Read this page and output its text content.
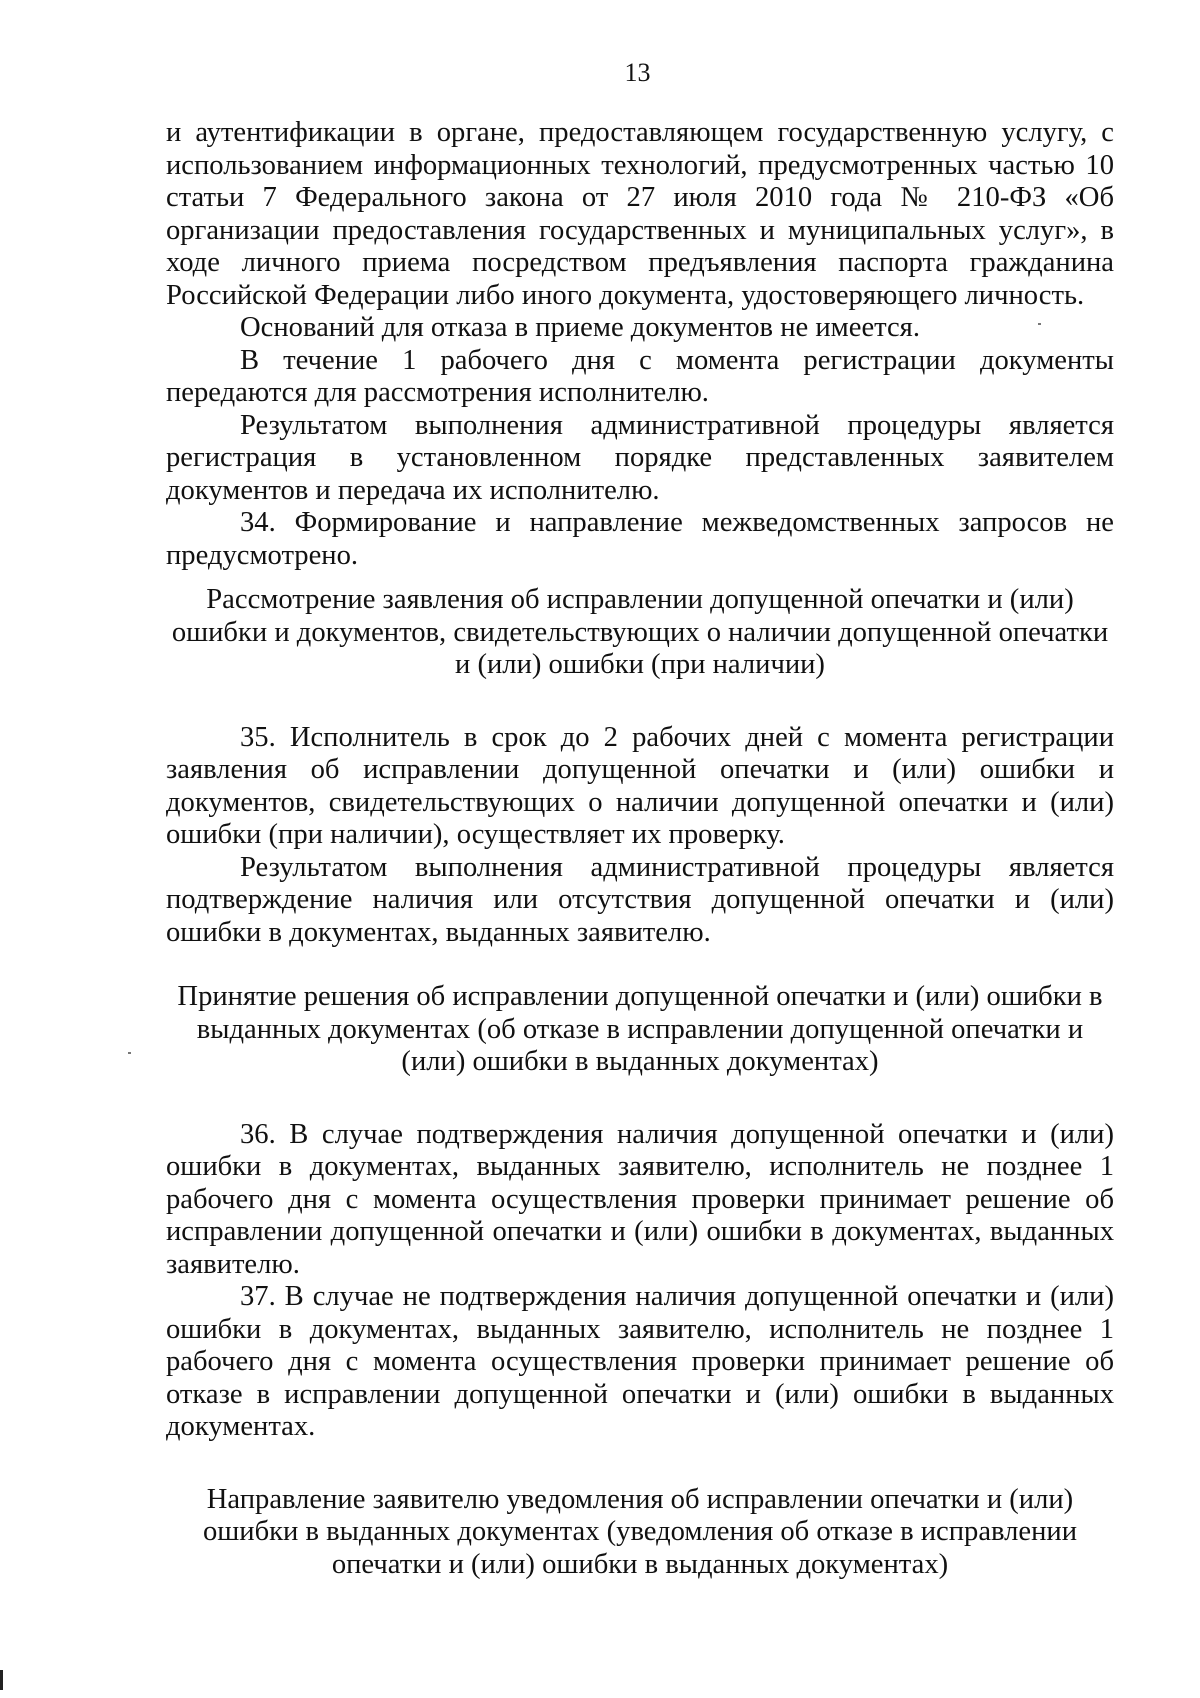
13

и аутентификации в органе, предоставляющем государственную услугу, с использованием информационных технологий, предусмотренных частью 10 статьи 7 Федерального закона от 27 июля 2010 года № 210-ФЗ «Об организации предоставления государственных и муниципальных услуг», в ходе личного приема посредством предъявления паспорта гражданина Российской Федерации либо иного документа, удостоверяющего личность.

Оснований для отказа в приеме документов не имеется.

В течение 1 рабочего дня с момента регистрации документы передаются для рассмотрения исполнителю.

Результатом выполнения административной процедуры является регистрация в установленном порядке представленных заявителем документов и передача их исполнителю.

34. Формирование и направление межведомственных запросов не предусмотрено.

Рассмотрение заявления об исправлении допущенной опечатки и (или)
ошибки и документов, свидетельствующих о наличии допущенной опечатки
и (или) ошибки (при наличии)

35. Исполнитель в срок до 2 рабочих дней с момента регистрации заявления об исправлении допущенной опечатки и (или) ошибки и документов, свидетельствующих о наличии допущенной опечатки и (или) ошибки (при наличии), осуществляет их проверку.

Результатом выполнения административной процедуры является подтверждение наличия или отсутствия допущенной опечатки и (или) ошибки в документах, выданных заявителю.

Принятие решения об исправлении допущенной опечатки и (или) ошибки в
выданных документах (об отказе в исправлении допущенной опечатки и
(или) ошибки в выданных документах)

36. В случае подтверждения наличия допущенной опечатки и (или) ошибки в документах, выданных заявителю, исполнитель не позднее 1 рабочего дня с момента осуществления проверки принимает решение об исправлении допущенной опечатки и (или) ошибки в документах, выданных заявителю.

37. В случае не подтверждения наличия допущенной опечатки и (или) ошибки в документах, выданных заявителю, исполнитель не позднее 1 рабочего дня с момента осуществления проверки принимает решение об отказе в исправлении допущенной опечатки и (или) ошибки в выданных документах.

Направление заявителю уведомления об исправлении опечатки и (или)
ошибки в выданных документах (уведомления об отказе в исправлении
опечатки и (или) ошибки в выданных документах)
